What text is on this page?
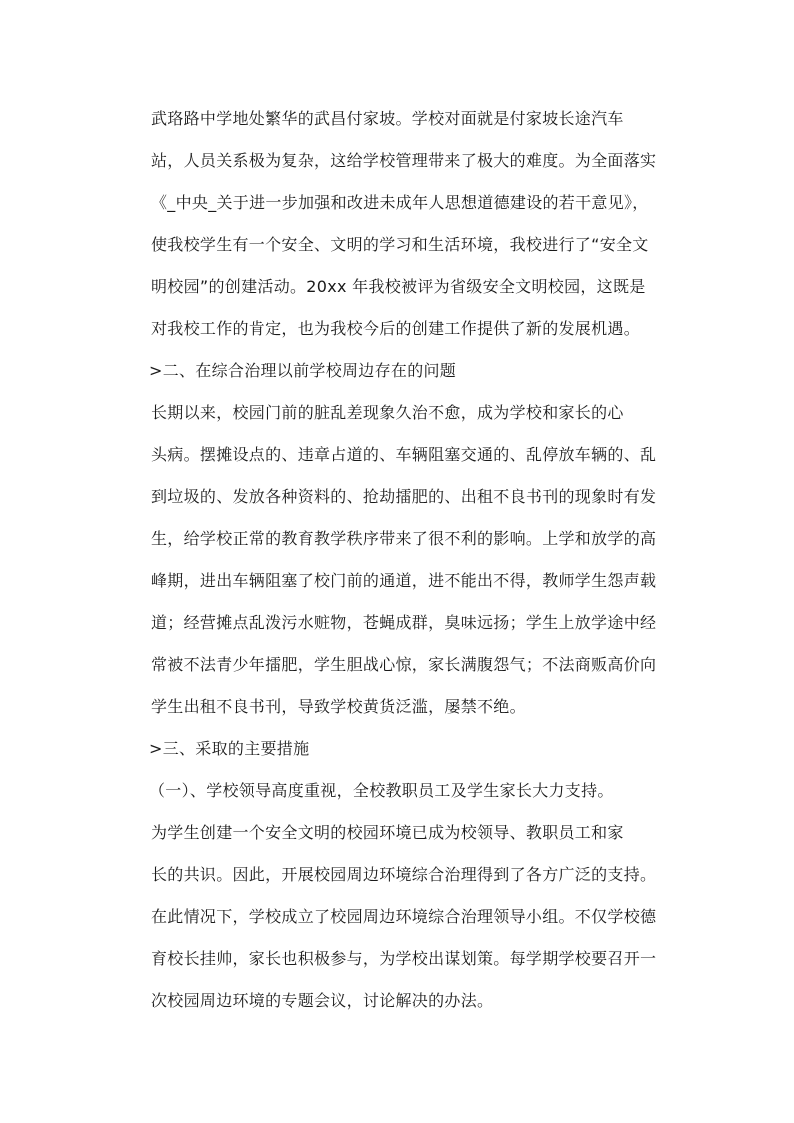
武珞路中学地处繁华的武昌付家坡。学校对面就是付家坡长途汽车
站，人员关系极为复杂，这给学校管理带来了极大的难度。为全面落实
《_中央_关于进一步加强和改进未成年人思想道德建设的若干意见》，
使我校学生有一个安全、文明的学习和生活环境，我校进行了“安全文
明校园”的创建活动。20xx 年我校被评为省级安全文明校园，这既是
对我校工作的肯定，也为我校今后的创建工作提供了新的发展机遇。

>二、在综合治理以前学校周边存在的问题

长期以来，校园门前的脏乱差现象久治不愈，成为学校和家长的心
头病。摆摊设点的、违章占道的、车辆阻塞交通的、乱停放车辆的、乱
到垃圾的、发放各种资料的、抢劫擂肥的、出租不良书刊的现象时有发
生，给学校正常的教育教学秩序带来了很不利的影响。上学和放学的高
峰期，进出车辆阻塞了校门前的通道，进不能出不得，教师学生怨声载
道；经营摊点乱泼污水赃物，苍蝇成群，臭味远扬；学生上放学途中经
常被不法青少年擂肥，学生胆战心惊，家长满腹怨气；不法商贩高价向
学生出租不良书刊，导致学校黄货泛滥，屡禁不绝。

>三、采取的主要措施

（一）、学校领导高度重视，全校教职员工及学生家长大力支持。

为学生创建一个安全文明的校园环境已成为校领导、教职员工和家
长的共识。因此，开展校园周边环境综合治理得到了各方广泛的支持。
在此情况下，学校成立了校园周边环境综合治理领导小组。不仅学校德
育校长挂帅，家长也积极参与，为学校出谋划策。每学期学校要召开一
次校园周边环境的专题会议，讨论解决的办法。
